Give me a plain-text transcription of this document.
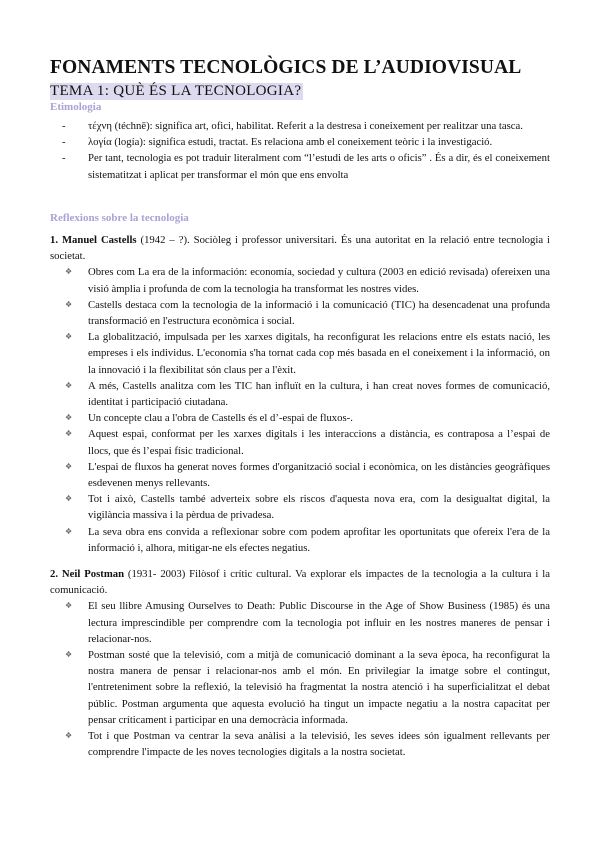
FONAMENTS TECNOLÒGICS DE L’AUDIOVISUAL
TEMA 1: QUÈ ÉS LA TECNOLOGIA?
Etimologia
- τέχνη (téchnē): significa art, ofici, habilitat. Referit a la destresa i coneixement per realitzar una tasca.
- λογία (logía): significa estudi, tractat. Es relaciona amb el coneixement teòric i la investigació.
- Per tant, tecnologia es pot traduir literalment com “l’estudi de les arts o oficis” . És a dir, és el coneixement sistematitzat i aplicat per transformar el món que ens envolta
Reflexions sobre la tecnologia

1. Manuel Castells (1942 – ?). Sociòleg i professor universitari. És una autoritat en la relació entre tecnologia i societat.

❖ Obres com La era de la información: economía, sociedad y cultura (2003 en edició revisada) ofereixen una visió àmplia i profunda de com la tecnologia ha transformat les nostres vides.
❖ Castells destaca com la tecnologia de la informació i la comunicació (TIC) ha desencadenat una profunda transformació en l'estructura econòmica i social.
❖ La globalització, impulsada per les xarxes digitals, ha reconfigurat les relacions entre els estats nació, les empreses i els individus. L'economia s'ha tornat cada cop més basada en el coneixement i la informació, on la innovació i la flexibilitat són claus per a l'èxit.
❖ A més, Castells analitza com les TIC han influït en la cultura, i han creat noves formes de comunicació, identitat i participació ciutadana.
❖ Un concepte clau a l'obra de Castells és el d’-espai de fluxos-.
❖ Aquest espai, conformat per les xarxes digitals i les interaccions a distància, es contraposa a l’espai de llocs, que és l’espai físic tradicional.
❖ L'espai de fluxos ha generat noves formes d'organització social i econòmica, on les distàncies geogràfiques esdevenen menys rellevants.
❖ Tot i això, Castells també adverteix sobre els riscos d'aquesta nova era, com la desigualtat digital, la vigilància massiva i la pèrdua de privadesa.
❖ La seva obra ens convida a reflexionar sobre com podem aprofitar les oportunitats que ofereix l'era de la informació i, alhora, mitigar-ne els efectes negatius.

2. Neil Postman (1931- 2003) Filòsof i crític cultural. Va explorar els impactes de la tecnologia a la cultura i la comunicació.

❖ El seu llibre Amusing Ourselves to Death: Public Discourse in the Age of Show Business (1985) és una lectura imprescindible per comprendre com la tecnologia pot influir en les nostres maneres de pensar i relacionar-nos.
❖ Postman sosté que la televisió, com a mitjà de comunicació dominant a la seva època, ha reconfigurat la nostra manera de pensar i relacionar-nos amb el món. En privilegiar la imatge sobre el contingut, l'entreteniment sobre la reflexió, la televisió ha fragmentat la nostra atenció i ha superficialitzat el debat públic. Postman argumenta que aquesta evolució ha tingut un impacte negatiu a la nostra capacitat per pensar críticament i participar en una democràcia informada.
❖ Tot i que Postman va centrar la seva anàlisi a la televisió, les seves idees són igualment rellevants per comprendre l'impacte de les noves tecnologies digitals a la nostra societat.
